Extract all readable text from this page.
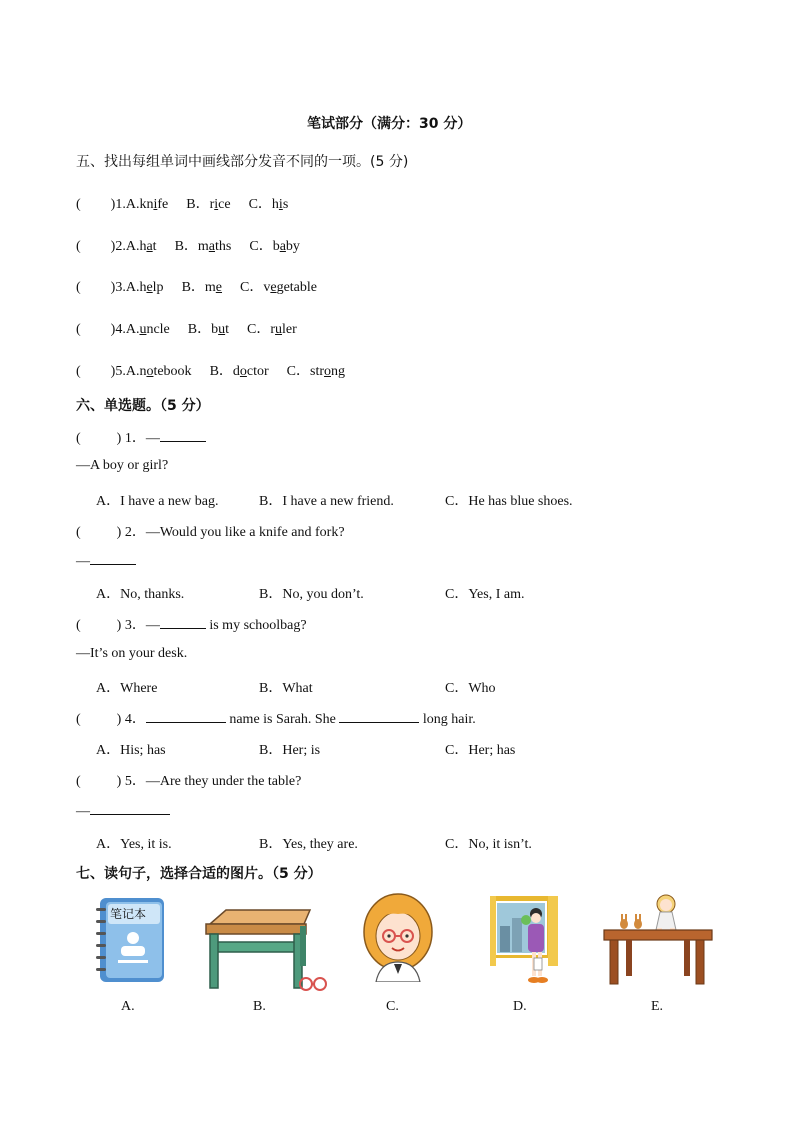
笔试部分（满分：30 分）
五、找出每组单词中画线部分发音不同的一项。(5 分)
( )1.A.knife B．rice C．his
( )2.A.hat B．maths C．baby
( )3.A.help B．me C．vegetable
( )4.A.uncle B．but C．ruler
( )5.A.notebook B．doctor C．strong
六、单选题。（5 分）
(	) 1．—
—A boy or girl?
A．I have a new bag.	B．I have a new friend.	C．He has blue shoes.
(	) 2．—Would you like a knife and fork?
—
A．No, thanks.	B．No, you don’t.	C．Yes, I am.
(	) 3．—	is my schoolbag?
—It’s on your desk.
A．Where	B．What	C．Who
(	) 4．	name is Sarah. She	long hair.
A．His; has	B．Her; is	C．Her; has
(	) 5．—Are they under the table?
—
A．Yes, it is.	B．Yes, they are.	C．No, it isn’t.
七、读句子，选择合适的图片。（5 分）
笔记本
A.	B.	C.	D.	E.
